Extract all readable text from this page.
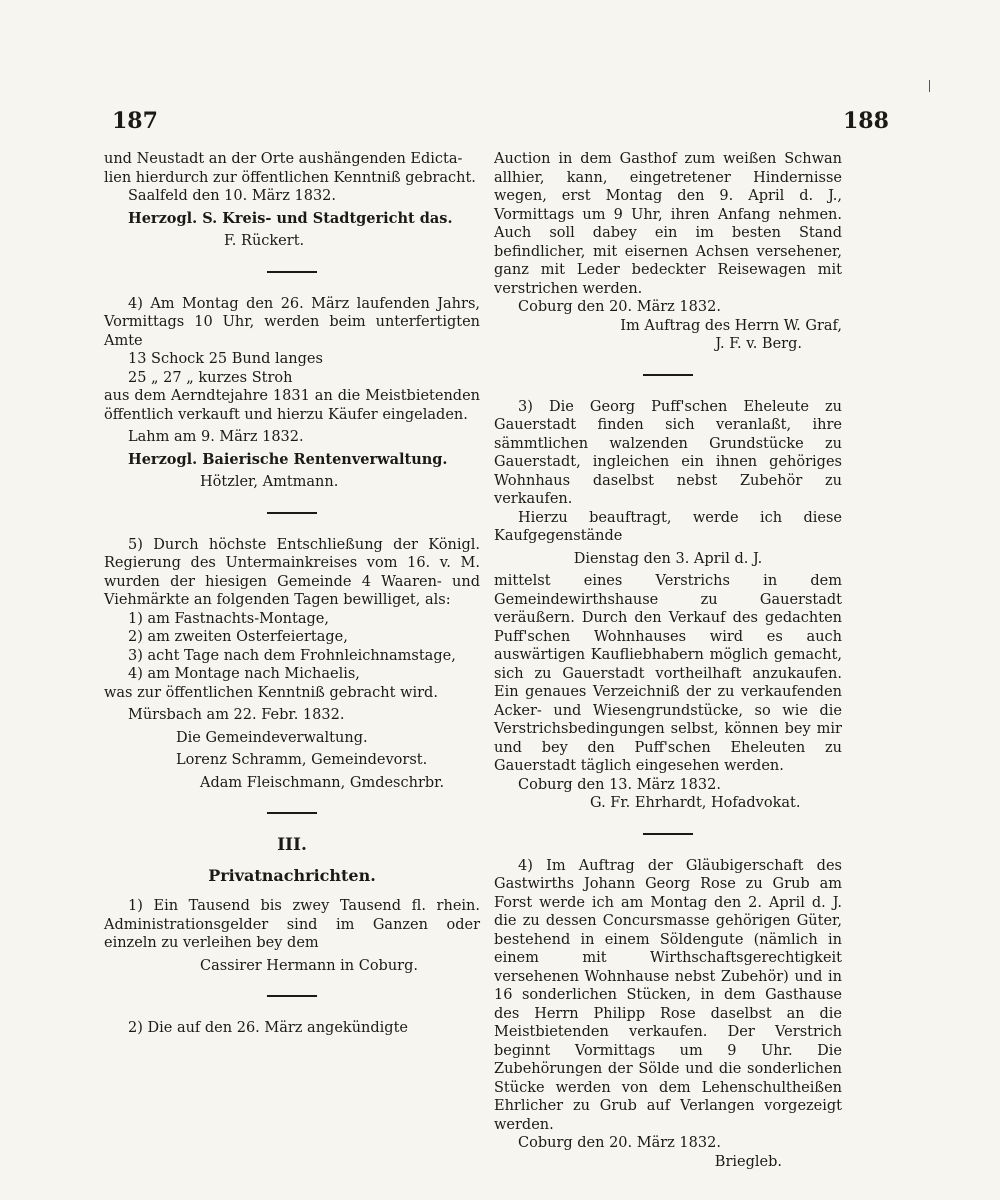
187	188

und Neustadt an der Orte aushängenden Edicta-

lien hierdurch zur öffentlichen Kenntniß gebracht.

Saalfeld den 10. März 1832.

Herzogl. S. Kreis- und Stadtgericht das.

F. Rückert.

4) Am Montag den 26. März laufenden Jahrs, Vormittags 10 Uhr, werden beim unterfertigten Amte

13 Schock 25 Bund langes

25 „ 27 „ kurzes Stroh

aus dem Aerndtejahre 1831 an die Meistbietenden öffentlich verkauft und hierzu Käufer eingeladen.

Lahm am 9. März 1832.

Herzogl. Baierische Rentenverwaltung.

Hötzler, Amtmann.

5) Durch höchste Entschließung der Königl. Regierung des Untermainkreises vom 16. v. M. wurden der hiesigen Gemeinde 4 Waaren- und Viehmärkte an folgenden Tagen bewilliget, als:

1) am Fastnachts-Montage,

2) am zweiten Osterfeiertage,

3) acht Tage nach dem Frohnleichnamstage,

4) am Montage nach Michaelis,

was zur öffentlichen Kenntniß gebracht wird.

Mürsbach am 22. Febr. 1832.

Die Gemeindeverwaltung.

Lorenz Schramm, Gemeindevorst.

Adam Fleischmann, Gmdeschrbr.

III.
Privatnachrichten.

1) Ein Tausend bis zwey Tausend fl. rhein. Administrationsgelder sind im Ganzen oder einzeln zu verleihen bey dem

Cassirer Hermann in Coburg.

2) Die auf den 26. März angekündigte

Auction in dem Gasthof zum weißen Schwan allhier, kann, eingetretener Hindernisse wegen, erst Montag den 9. April d. J., Vormittags um 9 Uhr, ihren Anfang nehmen. Auch soll dabey ein im besten Stand befindlicher, mit eisernen Achsen versehener, ganz mit Leder bedeckter Reisewagen mit verstrichen werden.

Coburg den 20. März 1832.

Im Auftrag des Herrn W. Graf,

J. F. v. Berg.

3) Die Georg Puff'schen Eheleute zu Gauerstadt finden sich veranlaßt, ihre sämmtlichen walzenden Grundstücke zu Gauerstadt, ingleichen ein ihnen gehöriges Wohnhaus daselbst nebst Zubehör zu verkaufen.

Hierzu beauftragt, werde ich diese Kaufgegenstände

Dienstag den 3. April d. J.

mittelst eines Verstrichs in dem Gemeindewirthshause zu Gauerstadt veräußern. Durch den Verkauf des gedachten Puff'schen Wohnhauses wird es auch auswärtigen Kaufliebhabern möglich gemacht, sich zu Gauerstadt vortheilhaft anzukaufen. Ein genaues Verzeichniß der zu verkaufenden Acker- und Wiesengrundstücke, so wie die Verstrichsbedingungen selbst, können bey mir und bey den Puff'schen Eheleuten zu Gauerstadt täglich eingesehen werden.

Coburg den 13. März 1832.

G. Fr. Ehrhardt, Hofadvokat.

4) Im Auftrag der Gläubigerschaft des Gastwirths Johann Georg Rose zu Grub am Forst werde ich am Montag den 2. April d. J. die zu dessen Concursmasse gehörigen Güter, bestehend in einem Söldengute (nämlich in einem mit Wirthschaftsgerechtigkeit versehenen Wohnhause nebst Zubehör) und in 16 sonderlichen Stücken, in dem Gasthause des Herrn Philipp Rose daselbst an die Meistbietenden verkaufen. Der Verstrich beginnt Vormittags um 9 Uhr. Die Zubehörungen der Sölde und die sonderlichen Stücke werden von dem Lehenschultheißen Ehrlicher zu Grub auf Verlangen vorgezeigt werden.

Coburg den 20. März 1832.

Briegleb.
